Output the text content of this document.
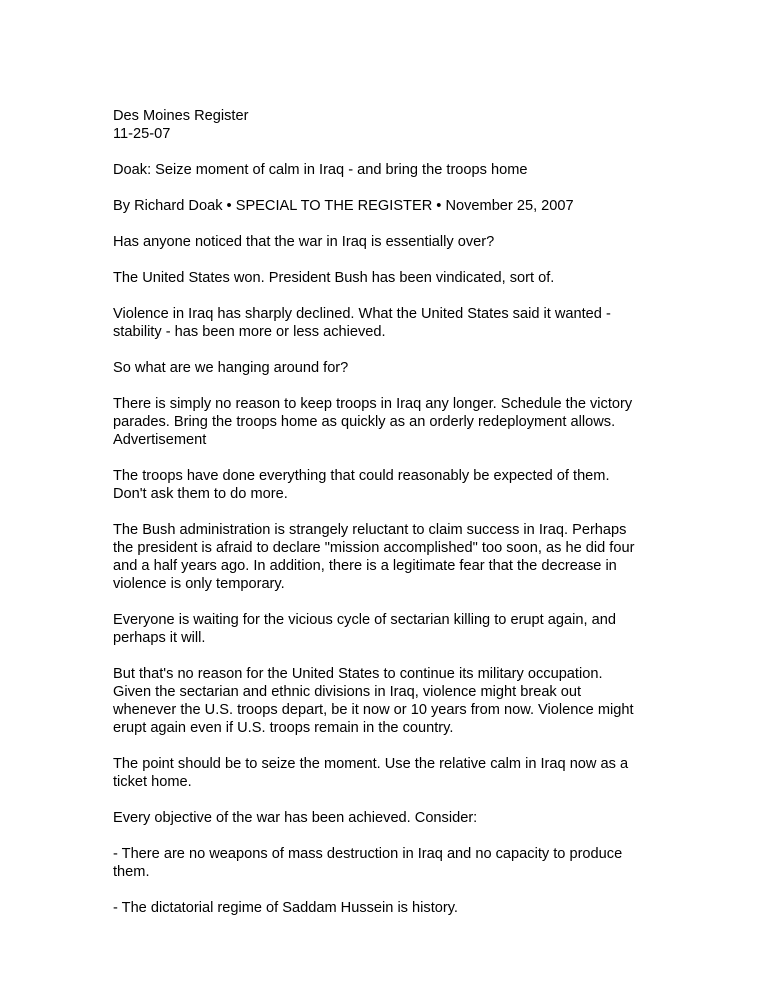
Des Moines Register
11-25-07

Doak: Seize moment of calm in Iraq - and bring the troops home

By Richard Doak • SPECIAL TO THE REGISTER • November 25, 2007

Has anyone noticed that the war in Iraq is essentially over?

The United States won. President Bush has been vindicated, sort of.

Violence in Iraq has sharply declined. What the United States said it wanted -
stability - has been more or less achieved.

So what are we hanging around for?

There is simply no reason to keep troops in Iraq any longer. Schedule the victory
parades. Bring the troops home as quickly as an orderly redeployment allows.
Advertisement

The troops have done everything that could reasonably be expected of them.
Don't ask them to do more.

The Bush administration is strangely reluctant to claim success in Iraq. Perhaps
the president is afraid to declare "mission accomplished" too soon, as he did four
and a half years ago. In addition, there is a legitimate fear that the decrease in
violence is only temporary.

Everyone is waiting for the vicious cycle of sectarian killing to erupt again, and
perhaps it will.

But that's no reason for the United States to continue its military occupation.
Given the sectarian and ethnic divisions in Iraq, violence might break out
whenever the U.S. troops depart, be it now or 10 years from now. Violence might
erupt again even if U.S. troops remain in the country.

The point should be to seize the moment. Use the relative calm in Iraq now as a
ticket home.

Every objective of the war has been achieved. Consider:

- There are no weapons of mass destruction in Iraq and no capacity to produce
them.

- The dictatorial regime of Saddam Hussein is history.
